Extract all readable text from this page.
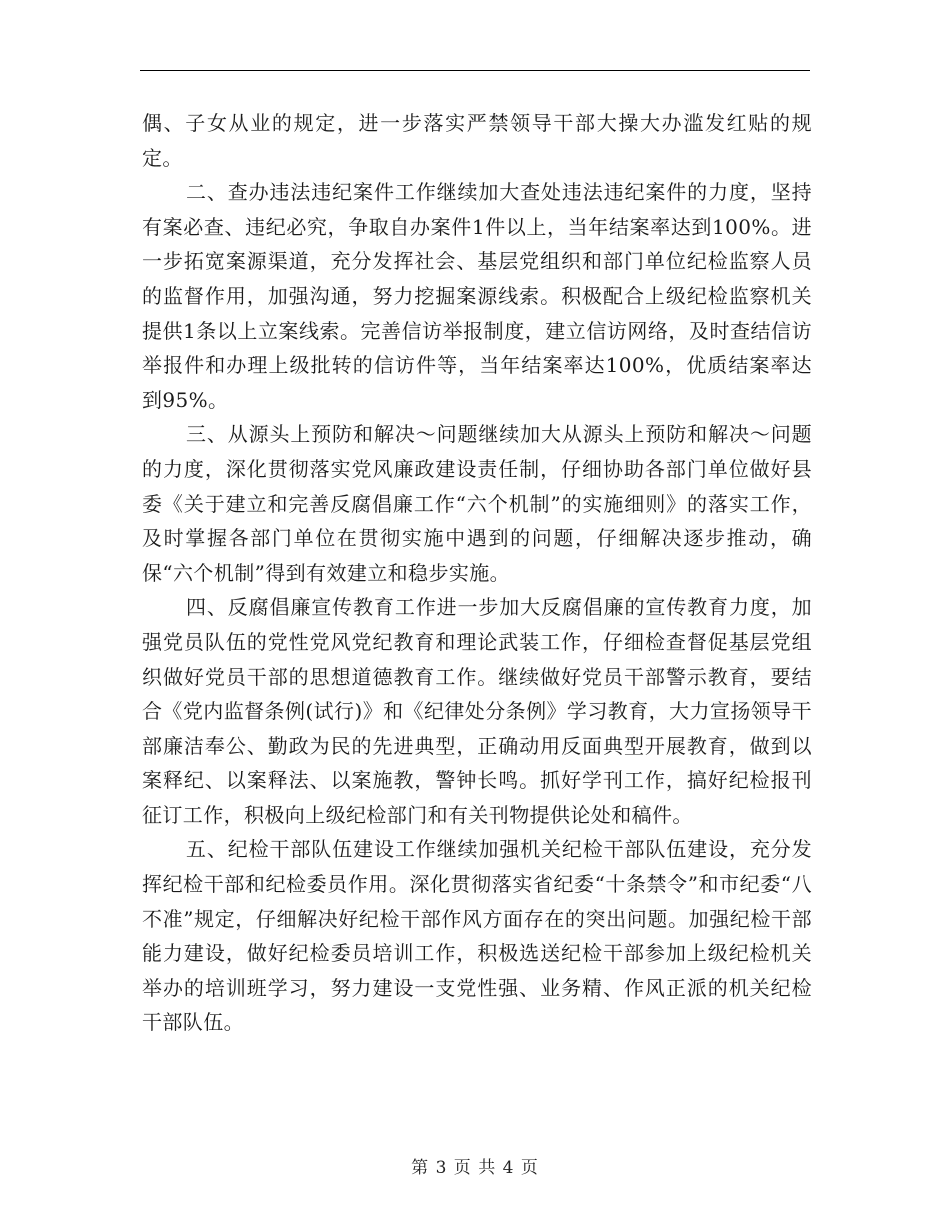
偶、子女从业的规定，进一步落实严禁领导干部大操大办滥发红贴的规定。

二、查办违法违纪案件工作继续加大查处违法违纪案件的力度，坚持有案必查、违纪必究，争取自办案件1件以上，当年结案率达到100%。进一步拓宽案源渠道，充分发挥社会、基层党组织和部门单位纪检监察人员的监督作用，加强沟通，努力挖掘案源线索。积极配合上级纪检监察机关提供1条以上立案线索。完善信访举报制度，建立信访网络，及时查结信访举报件和办理上级批转的信访件等，当年结案率达100%，优质结案率达到95%。

三、从源头上预防和解决～问题继续加大从源头上预防和解决～问题的力度，深化贯彻落实党风廉政建设责任制，仔细协助各部门单位做好县委《关于建立和完善反腐倡廉工作“六个机制”的实施细则》的落实工作，及时掌握各部门单位在贯彻实施中遇到的问题，仔细解决逐步推动，确保“六个机制”得到有效建立和稳步实施。

四、反腐倡廉宣传教育工作进一步加大反腐倡廉的宣传教育力度，加强党员队伍的党性党风党纪教育和理论武装工作，仔细检查督促基层党组织做好党员干部的思想道德教育工作。继续做好党员干部警示教育，要结合《党内监督条例(试行)》和《纪律处分条例》学习教育，大力宣扬领导干部廉洁奉公、勤政为民的先进典型，正确动用反面典型开展教育，做到以案释纪、以案释法、以案施教，警钟长鸣。抓好学刊工作，搞好纪检报刊征订工作，积极向上级纪检部门和有关刊物提供论处和稿件。

五、纪检干部队伍建设工作继续加强机关纪检干部队伍建设，充分发挥纪检干部和纪检委员作用。深化贯彻落实省纪委“十条禁令”和市纪委“八不准”规定，仔细解决好纪检干部作风方面存在的突出问题。加强纪检干部能力建设，做好纪检委员培训工作，积极选送纪检干部参加上级纪检机关举办的培训班学习，努力建设一支党性强、业务精、作风正派的机关纪检干部队伍。

第 3 页 共 4 页
